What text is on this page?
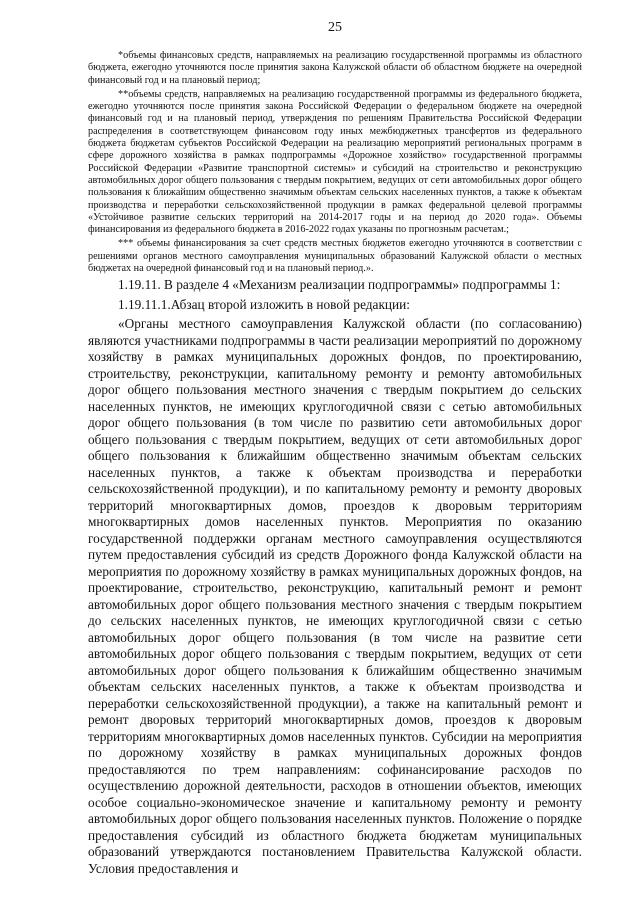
25

*объемы финансовых средств, направляемых на реализацию государственной программы из областного бюджета, ежегодно уточняются после принятия закона Калужской области об областном бюджете на очередной финансовый год и на плановый период;

**объемы средств, направляемых на реализацию государственной программы из федерального бюджета, ежегодно уточняются после принятия закона Российской Федерации о федеральном бюджете на очередной финансовый год и на плановый период, утверждения по решениям Правительства Российской Федерации распределения в соответствующем финансовом году иных межбюджетных трансфертов из федерального бюджета бюджетам субъектов Российской Федерации на реализацию мероприятий региональных программ в сфере дорожного хозяйства в рамках подпрограммы «Дорожное хозяйство» государственной программы Российской Федерации «Развитие транспортной системы» и субсидий на строительство и реконструкцию автомобильных дорог общего пользования с твердым покрытием, ведущих от сети автомобильных дорог общего пользования к ближайшим общественно значимым объектам сельских населенных пунктов, а также к объектам производства и переработки сельскохозяйственной продукции в рамках федеральной целевой программы «Устойчивое развитие сельских территорий на 2014-2017 годы и на период до 2020 года». Объемы финансирования из федерального бюджета в 2016-2022 годах указаны по прогнозным расчетам.;

*** объемы финансирования за счет средств местных бюджетов ежегодно уточняются в соответствии с решениями органов местного самоуправления муниципальных образований Калужской области о местных бюджетах на очередной финансовый год и на плановый период.».

1.19.11. В разделе 4 «Механизм реализации подпрограммы» подпрограммы 1:

1.19.11.1.Абзац второй изложить в новой редакции:

«Органы местного самоуправления Калужской области (по согласованию) являются участниками подпрограммы в части реализации мероприятий по дорожному хозяйству в рамках муниципальных дорожных фондов, по проектированию, строительству, реконструкции, капитальному ремонту и ремонту автомобильных дорог общего пользования местного значения с твердым покрытием до сельских населенных пунктов, не имеющих круглогодичной связи с сетью автомобильных дорог общего пользования (в том числе по развитию сети автомобильных дорог общего пользования с твердым покрытием, ведущих от сети автомобильных дорог общего пользования к ближайшим общественно значимым объектам сельских населенных пунктов, а также к объектам производства и переработки сельскохозяйственной продукции), и по капитальному ремонту и ремонту дворовых территорий многоквартирных домов, проездов к дворовым территориям многоквартирных домов населенных пунктов. Мероприятия по оказанию государственной поддержки органам местного самоуправления осуществляются путем предоставления субсидий из средств Дорожного фонда Калужской области на мероприятия по дорожному хозяйству в рамках муниципальных дорожных фондов, на проектирование, строительство, реконструкцию, капитальный ремонт и ремонт автомобильных дорог общего пользования местного значения с твердым покрытием до сельских населенных пунктов, не имеющих круглогодичной связи с сетью автомобильных дорог общего пользования (в том числе на развитие сети автомобильных дорог общего пользования с твердым покрытием, ведущих от сети автомобильных дорог общего пользования к ближайшим общественно значимым объектам сельских населенных пунктов, а также к объектам производства и переработки сельскохозяйственной продукции), а также на капитальный ремонт и ремонт дворовых территорий многоквартирных домов, проездов к дворовым территориям многоквартирных домов населенных пунктов. Субсидии на мероприятия по дорожному хозяйству в рамках муниципальных дорожных фондов предоставляются по трем направлениям: софинансирование расходов по осуществлению дорожной деятельности, расходов в отношении объектов, имеющих особое социально-экономическое значение и капитальному ремонту и ремонту автомобильных дорог общего пользования населенных пунктов. Положение о порядке предоставления субсидий из областного бюджета бюджетам муниципальных образований утверждаются постановлением Правительства Калужской области. Условия предоставления и
